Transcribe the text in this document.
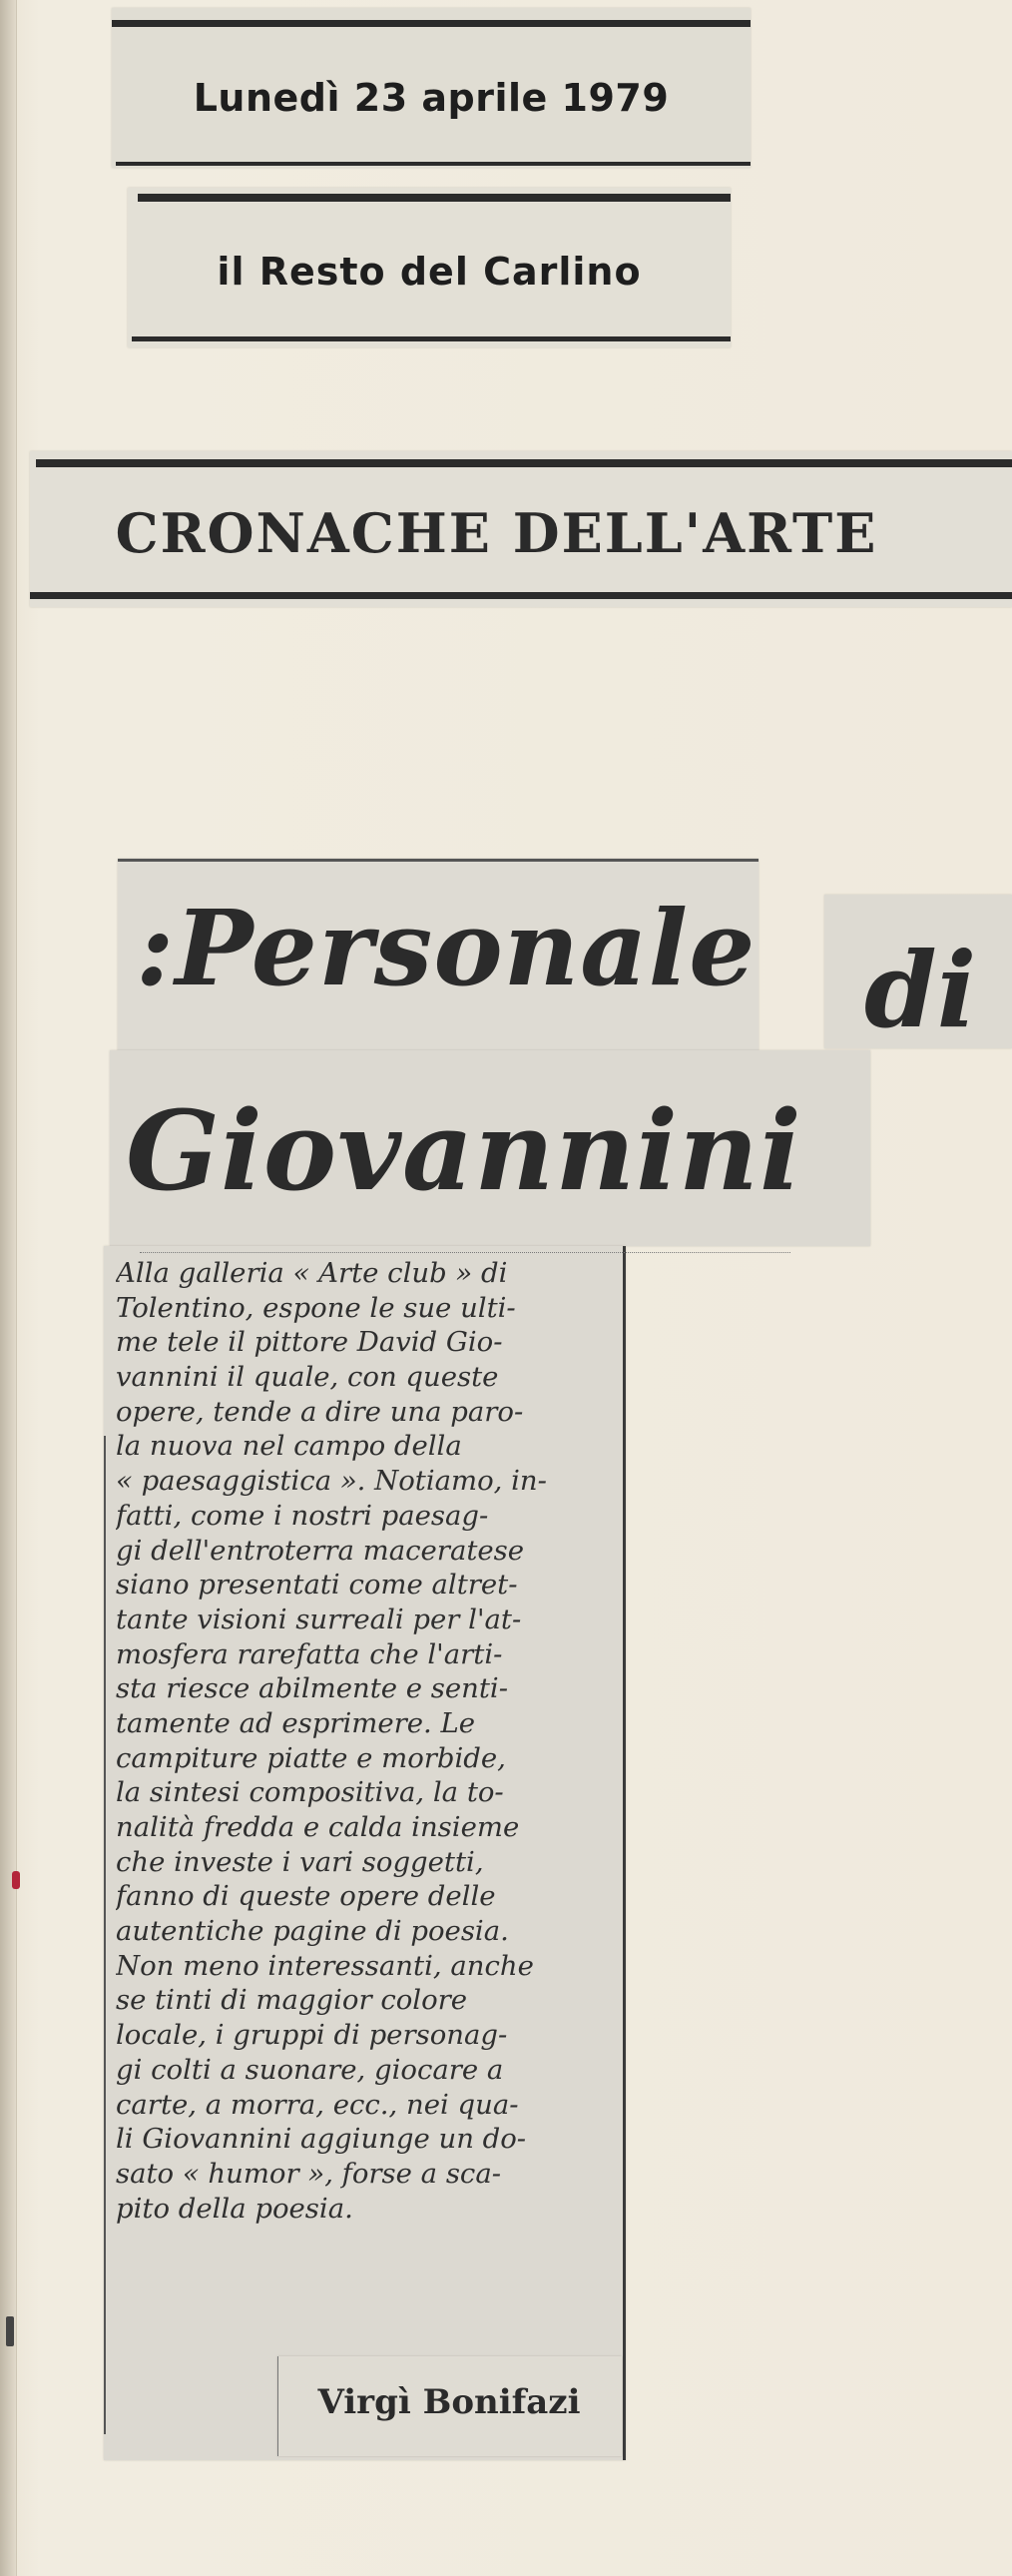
Lunedì 23 aprile 1979
il Resto del Carlino
CRONACHE DELL'ARTE
:Personale di
Giovannini
Alla galleria « Arte club » di
Tolentino, espone le sue ulti-
me tele il pittore David Gio-
vannini il quale, con queste
opere, tende a dire una paro-
la nuova nel campo della
« paesaggistica ». Notiamo, in-
fatti, come i nostri paesag-
gi dell'entroterra maceratese
siano presentati come altret-
tante visioni surreali per l'at-
mosfera rarefatta che l'arti-
sta riesce abilmente e senti-
tamente ad esprimere. Le
campiture piatte e morbide,
la sintesi compositiva, la to-
nalità fredda e calda insieme
che investe i vari soggetti,
fanno di queste opere delle
autentiche pagine di poesia.
Non meno interessanti, anche
se tinti di maggior colore
locale, i gruppi di personag-
gi colti a suonare, giocare a
carte, a morra, ecc., nei qua-
li Giovannini aggiunge un do-
sato « humor », forse a sca-
pito della poesia.
Virgì Bonifazi
